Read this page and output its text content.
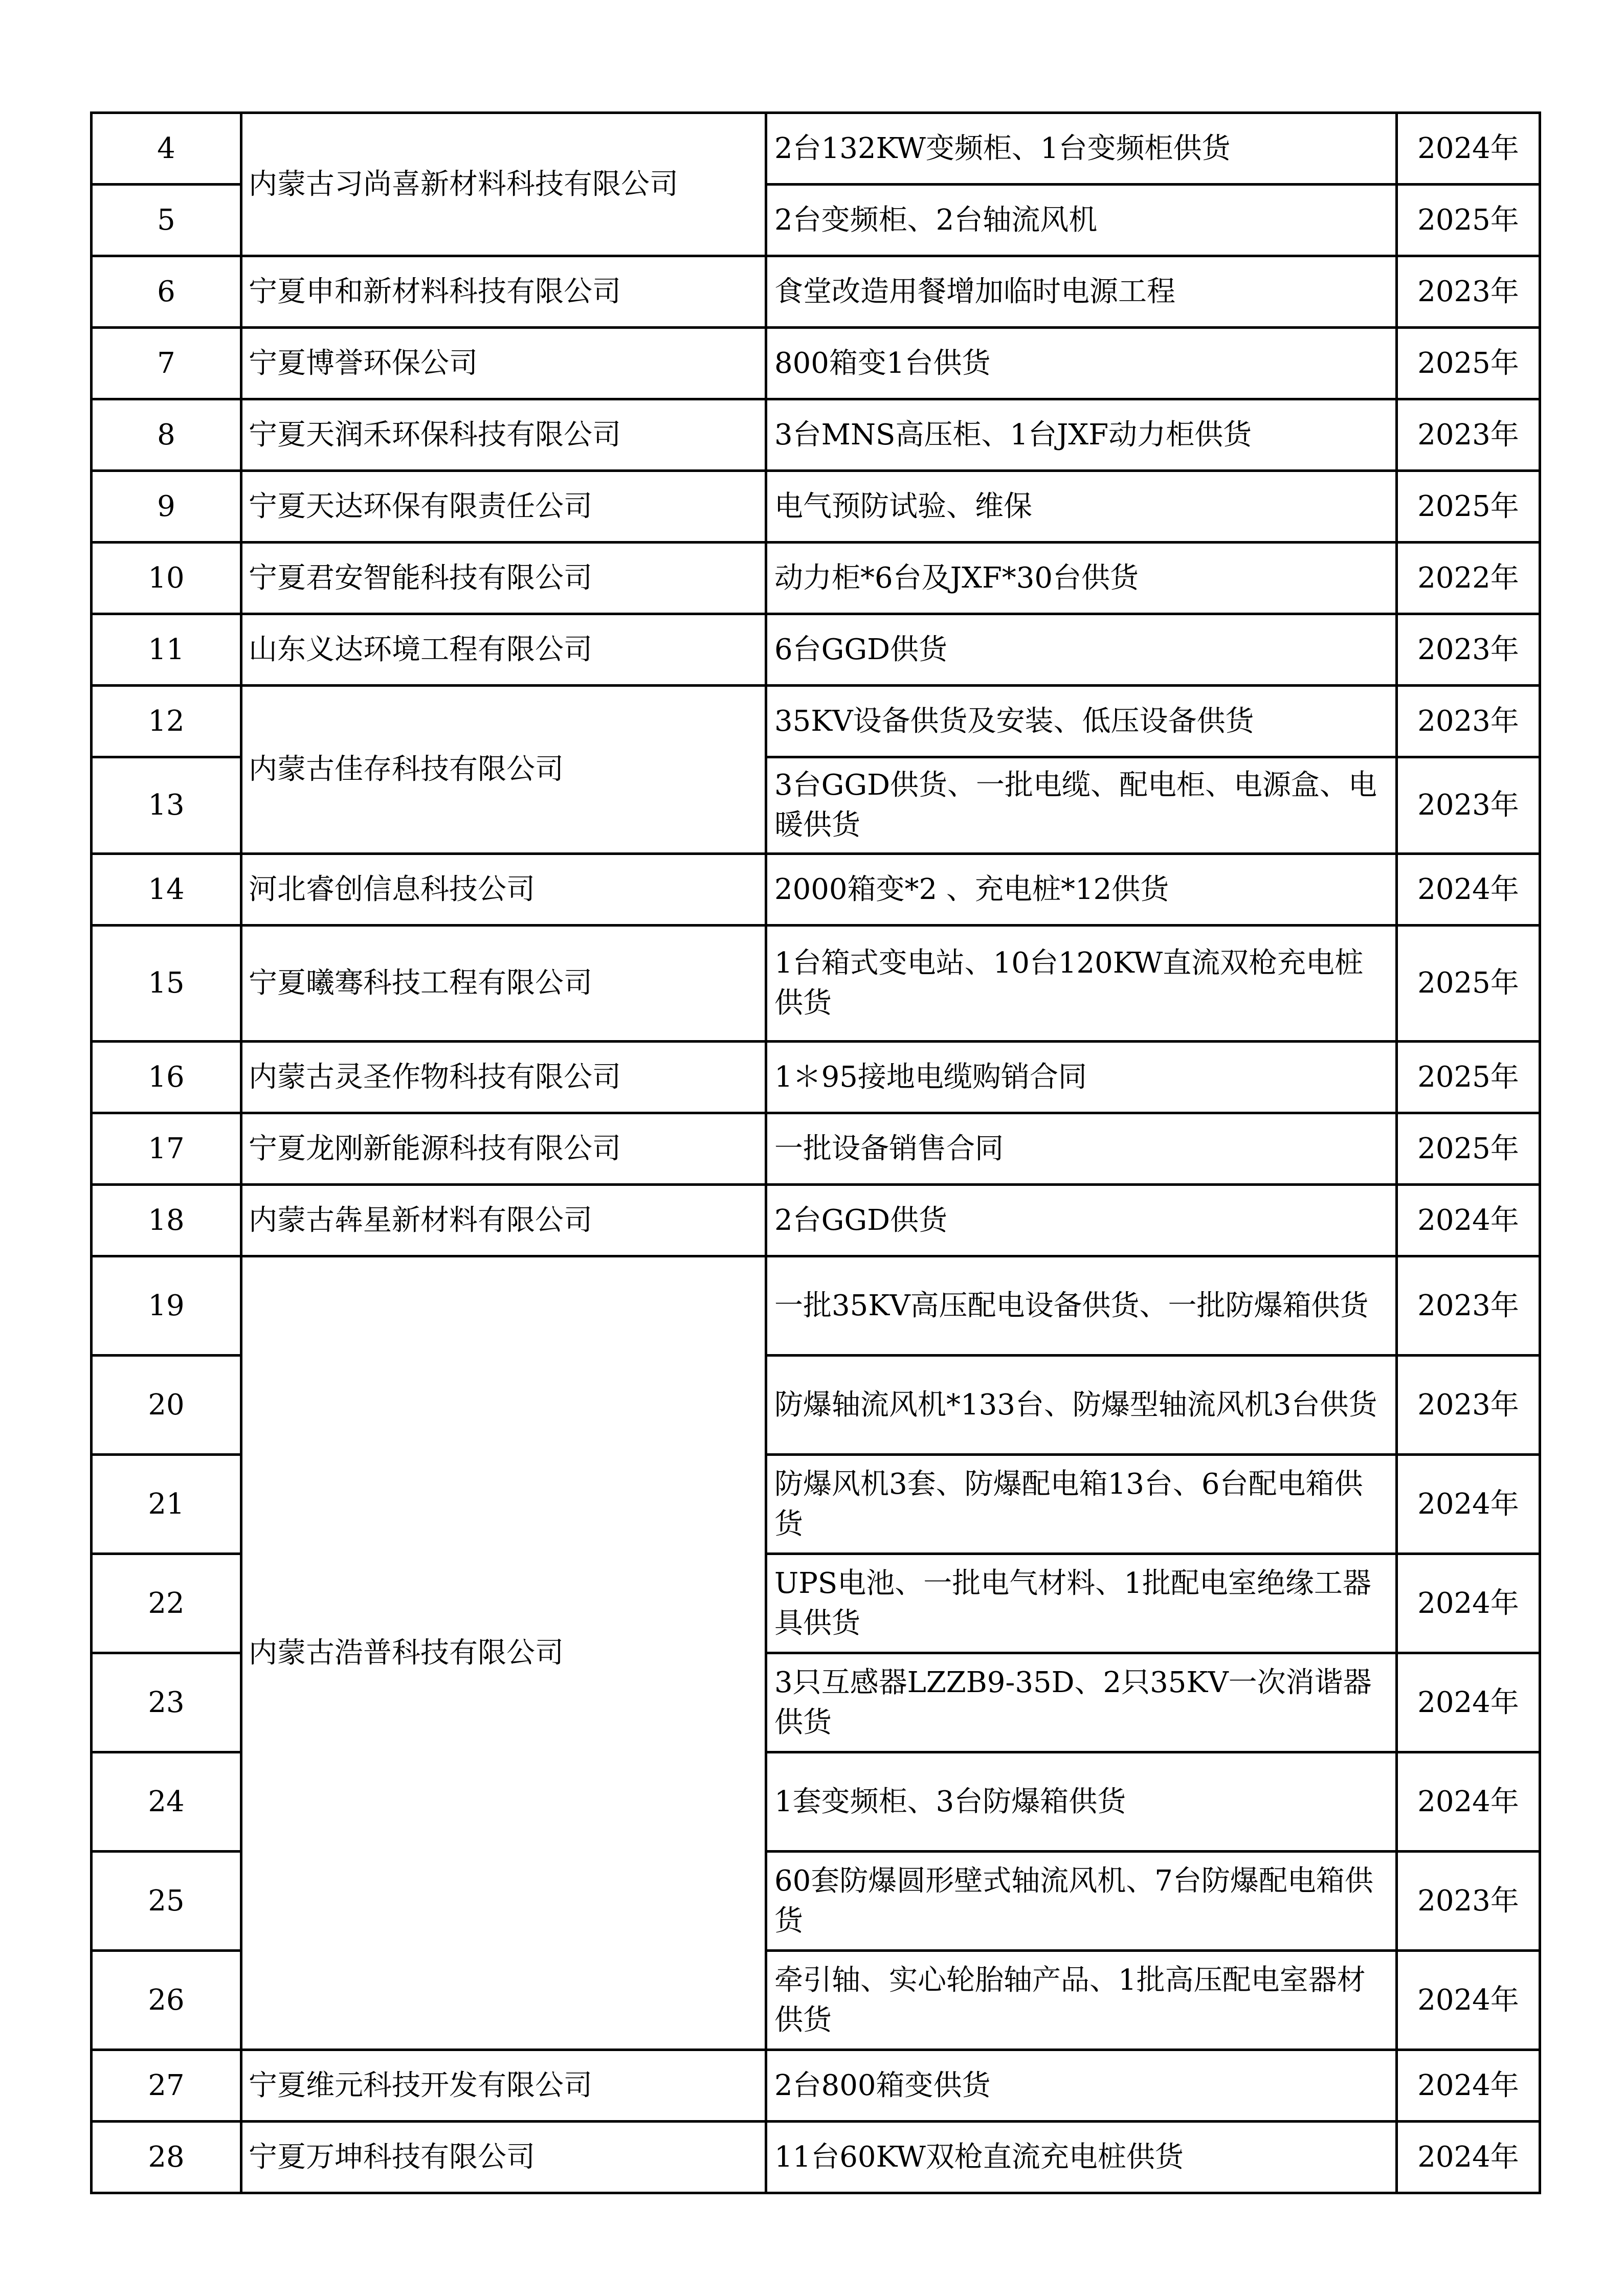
4	内蒙古习尚喜新材料科技有限公司	2台132KW变频柜、1台变频柜供货	2024年
5		2台变频柜、2台轴流风机	2025年
6	宁夏申和新材料科技有限公司	食堂改造用餐增加临时电源工程	2023年
7	宁夏博誉环保公司	800箱变1台供货	2025年
8	宁夏天润禾环保科技有限公司	3台MNS高压柜、1台JXF动力柜供货	2023年
9	宁夏天达环保有限责任公司	电气预防试验、维保	2025年
10	宁夏君安智能科技有限公司	动力柜*6台及JXF*30台供货	2022年
11	山东义达环境工程有限公司	6台GGD供货	2023年
12	内蒙古佳存科技有限公司	35KV设备供货及安装、低压设备供货	2023年
13		3台GGD供货、一批电缆、配电柜、电源盒、电暖供货	2023年
14	河北睿创信息科技公司	2000箱变*2 、充电桩*12供货	2024年
15	宁夏曦骞科技工程有限公司	1台箱式变电站、10台120KW直流双枪充电桩供货	2025年
16	内蒙古灵圣作物科技有限公司	1＊95接地电缆购销合同	2025年
17	宁夏龙刚新能源科技有限公司	一批设备销售合同	2025年
18	内蒙古犇星新材料有限公司	2台GGD供货	2024年
19	内蒙古浩普科技有限公司	一批35KV高压配电设备供货、一批防爆箱供货	2023年
20		防爆轴流风机*133台、防爆型轴流风机3台供货	2023年
21		防爆风机3套、防爆配电箱13台、6台配电箱供货	2024年
22		UPS电池、一批电气材料、1批配电室绝缘工器具供货	2024年
23		3只互感器LZZB9-35D、2只35KV一次消谐器供货	2024年
24		1套变频柜、3台防爆箱供货	2024年
25		60套防爆圆形壁式轴流风机、7台防爆配电箱供货	2023年
26		牵引轴、实心轮胎轴产品、1批高压配电室器材供货	2024年
27	宁夏维元科技开发有限公司	2台800箱变供货	2024年
28	宁夏万坤科技有限公司	11台60KW双枪直流充电桩供货	2024年
